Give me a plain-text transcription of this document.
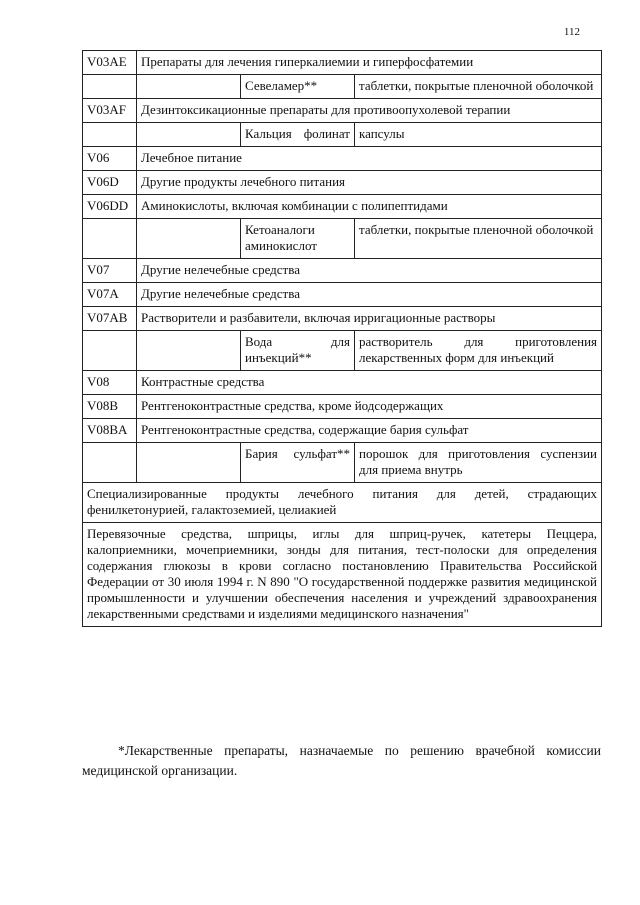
112
V03AE	Препараты для лечения гиперкалиемии и гиперфосфатемии		
		Севеламер**	таблетки, покрытые пленочной оболочкой
V03AF	Дезинтоксикационные препараты для противоопухолевой терапии		
		Кальция фолинат	капсулы
V06	Лечебное питание		
V06D	Другие продукты лечебного питания		
V06DD	Аминокислоты, включая комбинации с полипептидами		
		Кетоаналоги аминокислот	таблетки, покрытые пленочной оболочкой
V07	Другие нелечебные средства		
V07A	Другие нелечебные средства		
V07AB	Растворители и разбавители, включая ирригационные растворы		
		Вода для инъекций**	растворитель для приготовления лекарственных форм для инъекций
V08	Контрастные средства		
V08B	Рентгеноконтрастные средства, кроме йодсодержащих		
V08BA	Рентгеноконтрастные средства, содержащие бария сульфат		
		Бария сульфат**	порошок для приготовления суспензии для приема внутрь
Специализированные продукты лечебного питания для детей, страдающих фенилкетонурией, галактоземией, целиакией			
Перевязочные средства, шприцы, иглы для шприц-ручек, катетеры Пеццера, калоприемники, мочеприемники, зонды для питания, тест-полоски для определения содержания глюкозы в крови согласно постановлению Правительства Российской Федерации от 30 июля 1994 г. N 890 "О государственной поддержке развития медицинской промышленности и улучшении обеспечения населения и учреждений здравоохранения лекарственными средствами и изделиями медицинского назначения"			
*Лекарственные препараты, назначаемые по решению врачебной комиссии медицинской организации.
